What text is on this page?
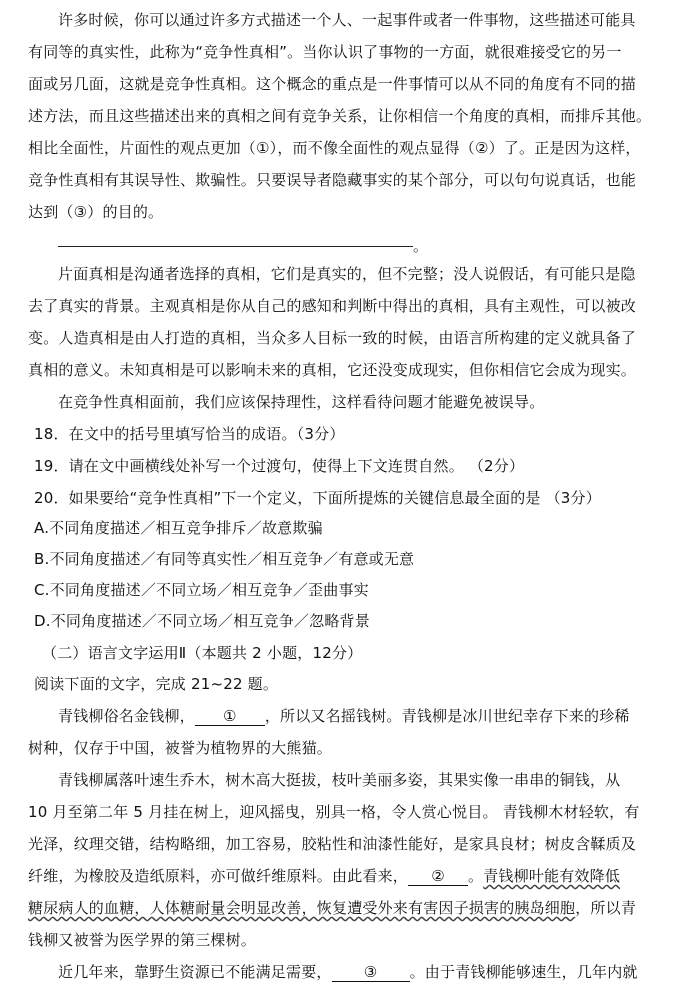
许多时候，你可以通过许多方式描述一个人、一起事件或者一件事物，这些描述可能具
有同等的真实性，此称为“竞争性真相”。当你认识了事物的一方面，就很难接受它的另一
面或另几面，这就是竞争性真相。这个概念的重点是一件事情可以从不同的角度有不同的描
述方法，而且这些描述出来的真相之间有竞争关系，让你相信一个角度的真相，而排斥其他。
相比全面性，片面性的观点更加（①），而不像全面性的观点显得（②）了。正是因为这样，
竞争性真相有其误导性、欺骗性。只要误导者隐藏事实的某个部分，可以句句说真话，也能
达到（③）的目的。
。
片面真相是沟通者选择的真相，它们是真实的，但不完整；没人说假话，有可能只是隐
去了真实的背景。主观真相是你从自己的感知和判断中得出的真相，具有主观性，可以被改
变。人造真相是由人打造的真相，当众多人目标一致的时候，由语言所构建的定义就具备了
真相的意义。未知真相是可以影响未来的真相，它还没变成现实，但你相信它会成为现实。
在竞争性真相面前，我们应该保持理性，这样看待问题才能避免被误导。
18．在文中的括号里填写恰当的成语。（3分）
19．请在文中画横线处补写一个过渡句，使得上下文连贯自然。 （2分）
20．如果要给“竞争性真相”下一个定义，下面所提炼的关键信息最全面的是 （3分）
A.不同角度描述／相互竞争排斥／故意欺骗
B.不同角度描述／有同等真实性／相互竞争／有意或无意
C.不同角度描述／不同立场／相互竞争／歪曲事实
D.不同角度描述／不同立场／相互竞争／忽略背景
（二）语言文字运用Ⅱ（本题共 2 小题，12分）
阅读下面的文字，完成 21~22 题。
青钱柳俗名金钱柳， ① ，所以又名摇钱树。青钱柳是冰川世纪幸存下来的珍稀
树种，仅存于中国，被誉为植物界的大熊猫。
青钱柳属落叶速生乔木，树木高大挺拔，枝叶美丽多姿，其果实像一串串的铜钱，从
10 月至第二年 5 月挂在树上，迎风摇曳，别具一格，令人赏心悦目。 青钱柳木材轻软，有
光泽，纹理交错，结构略细，加工容易，胶粘性和油漆性能好，是家具良材；树皮含鞣质及
纤维，为橡胶及造纸原料，亦可做纤维原料。由此看来， ② 。青钱柳叶能有效降低
糖尿病人的血糖，人体糖耐量会明显改善，恢复遭受外来有害因子损害的胰岛细胞，所以青
钱柳又被誉为医学界的第三棵树。
近几年来，靠野生资源已不能满足需要， ③ 。由于青钱柳能够速生，几年内就
